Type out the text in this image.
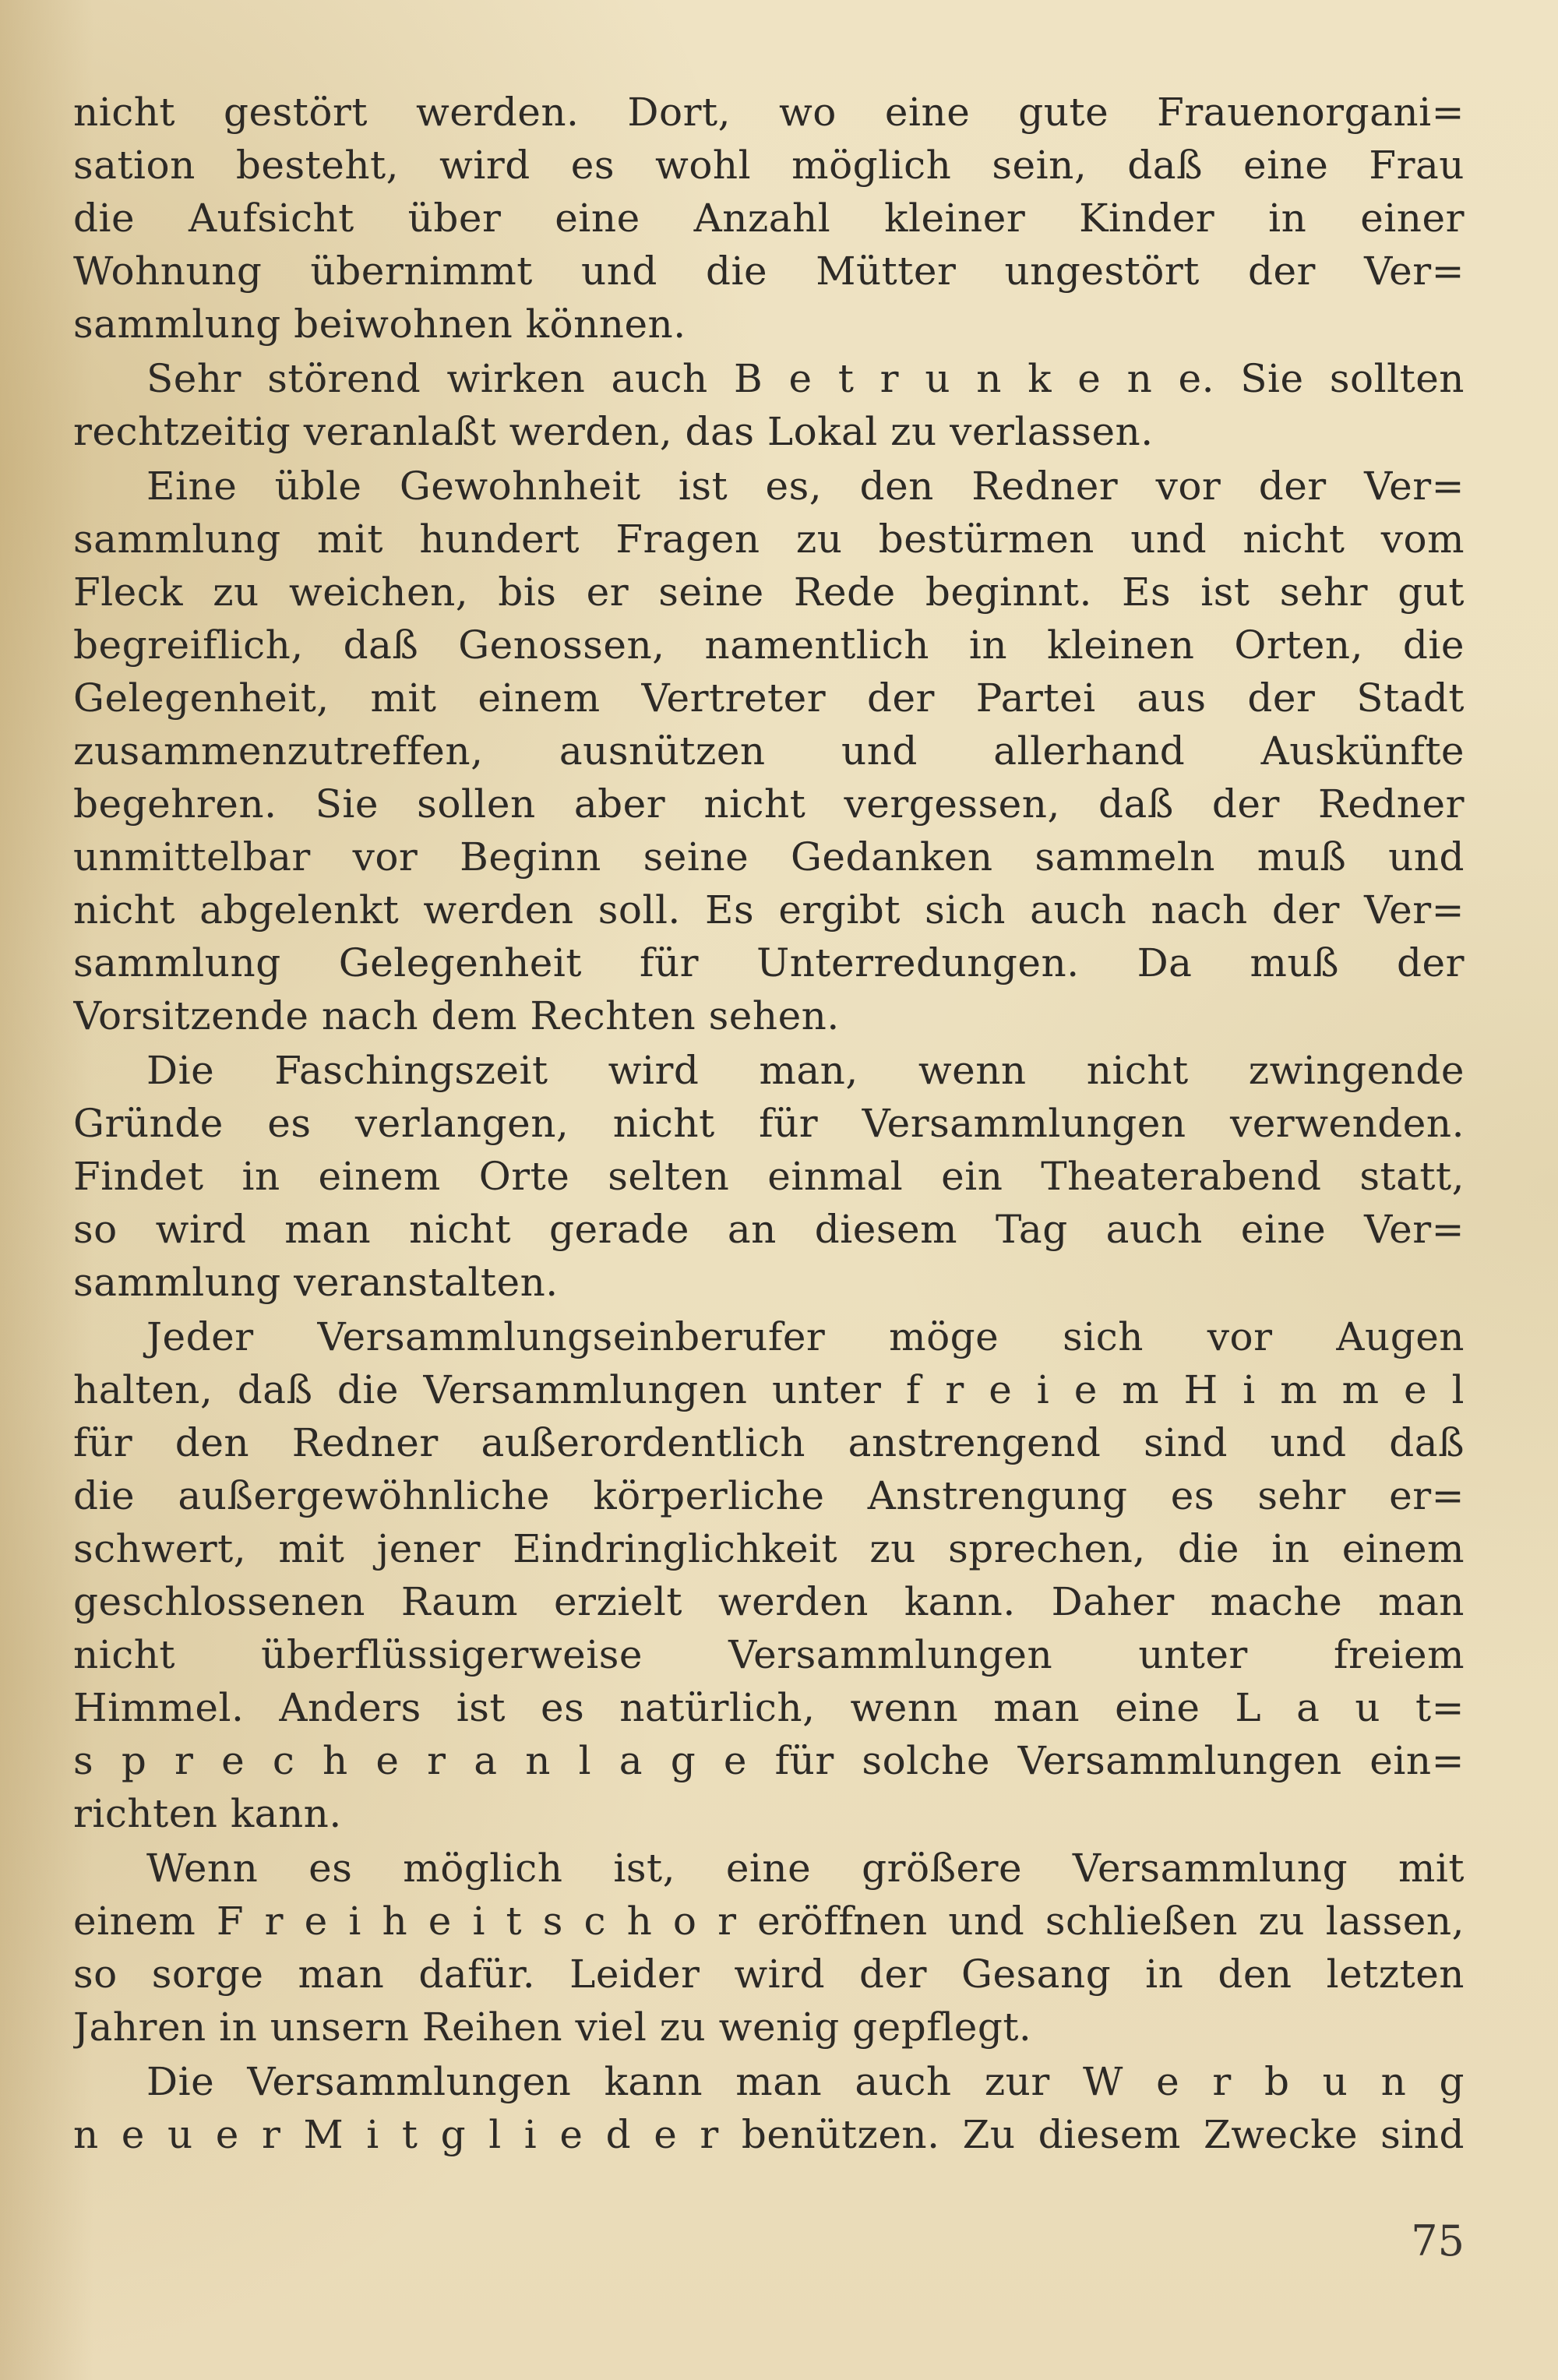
nicht gestört werden. Dort, wo eine gute Frauenorgani=
sation besteht, wird es wohl möglich sein, daß eine Frau
die Aufsicht über eine Anzahl kleiner Kinder in einer
Wohnung übernimmt und die Mütter ungestört der Ver=
sammlung beiwohnen können.

Sehr störend wirken auch B e t r u n k e n e. Sie sollten
rechtzeitig veranlaßt werden, das Lokal zu verlassen.

Eine üble Gewohnheit ist es, den Redner vor der Ver=
sammlung mit hundert Fragen zu bestürmen und nicht vom
Fleck zu weichen, bis er seine Rede beginnt. Es ist sehr gut
begreiflich, daß Genossen, namentlich in kleinen Orten, die
Gelegenheit, mit einem Vertreter der Partei aus der Stadt
zusammenzutreffen, ausnützen und allerhand Auskünfte
begehren. Sie sollen aber nicht vergessen, daß der Redner
unmittelbar vor Beginn seine Gedanken sammeln muß und
nicht abgelenkt werden soll. Es ergibt sich auch nach der Ver=
sammlung Gelegenheit für Unterredungen. Da muß der
Vorsitzende nach dem Rechten sehen.

Die Faschingszeit wird man, wenn nicht zwingende
Gründe es verlangen, nicht für Versammlungen verwenden.
Findet in einem Orte selten einmal ein Theaterabend statt,
so wird man nicht gerade an diesem Tag auch eine Ver=
sammlung veranstalten.

Jeder Versammlungseinberufer möge sich vor Augen
halten, daß die Versammlungen unter f r e i e m H i m m e l
für den Redner außerordentlich anstrengend sind und daß
die außergewöhnliche körperliche Anstrengung es sehr er=
schwert, mit jener Eindringlichkeit zu sprechen, die in einem
geschlossenen Raum erzielt werden kann. Daher mache man
nicht überflüssigerweise Versammlungen unter freiem
Himmel. Anders ist es natürlich, wenn man eine L a u t=
s p r e c h e r a n l a g e für solche Versammlungen ein=
richten kann.

Wenn es möglich ist, eine größere Versammlung mit
einem F r e i h e i t s c h o r eröffnen und schließen zu lassen,
so sorge man dafür. Leider wird der Gesang in den letzten
Jahren in unsern Reihen viel zu wenig gepflegt.

Die Versammlungen kann man auch zur W e r b u n g
n e u e r M i t g l i e d e r benützen. Zu diesem Zwecke sind

75
